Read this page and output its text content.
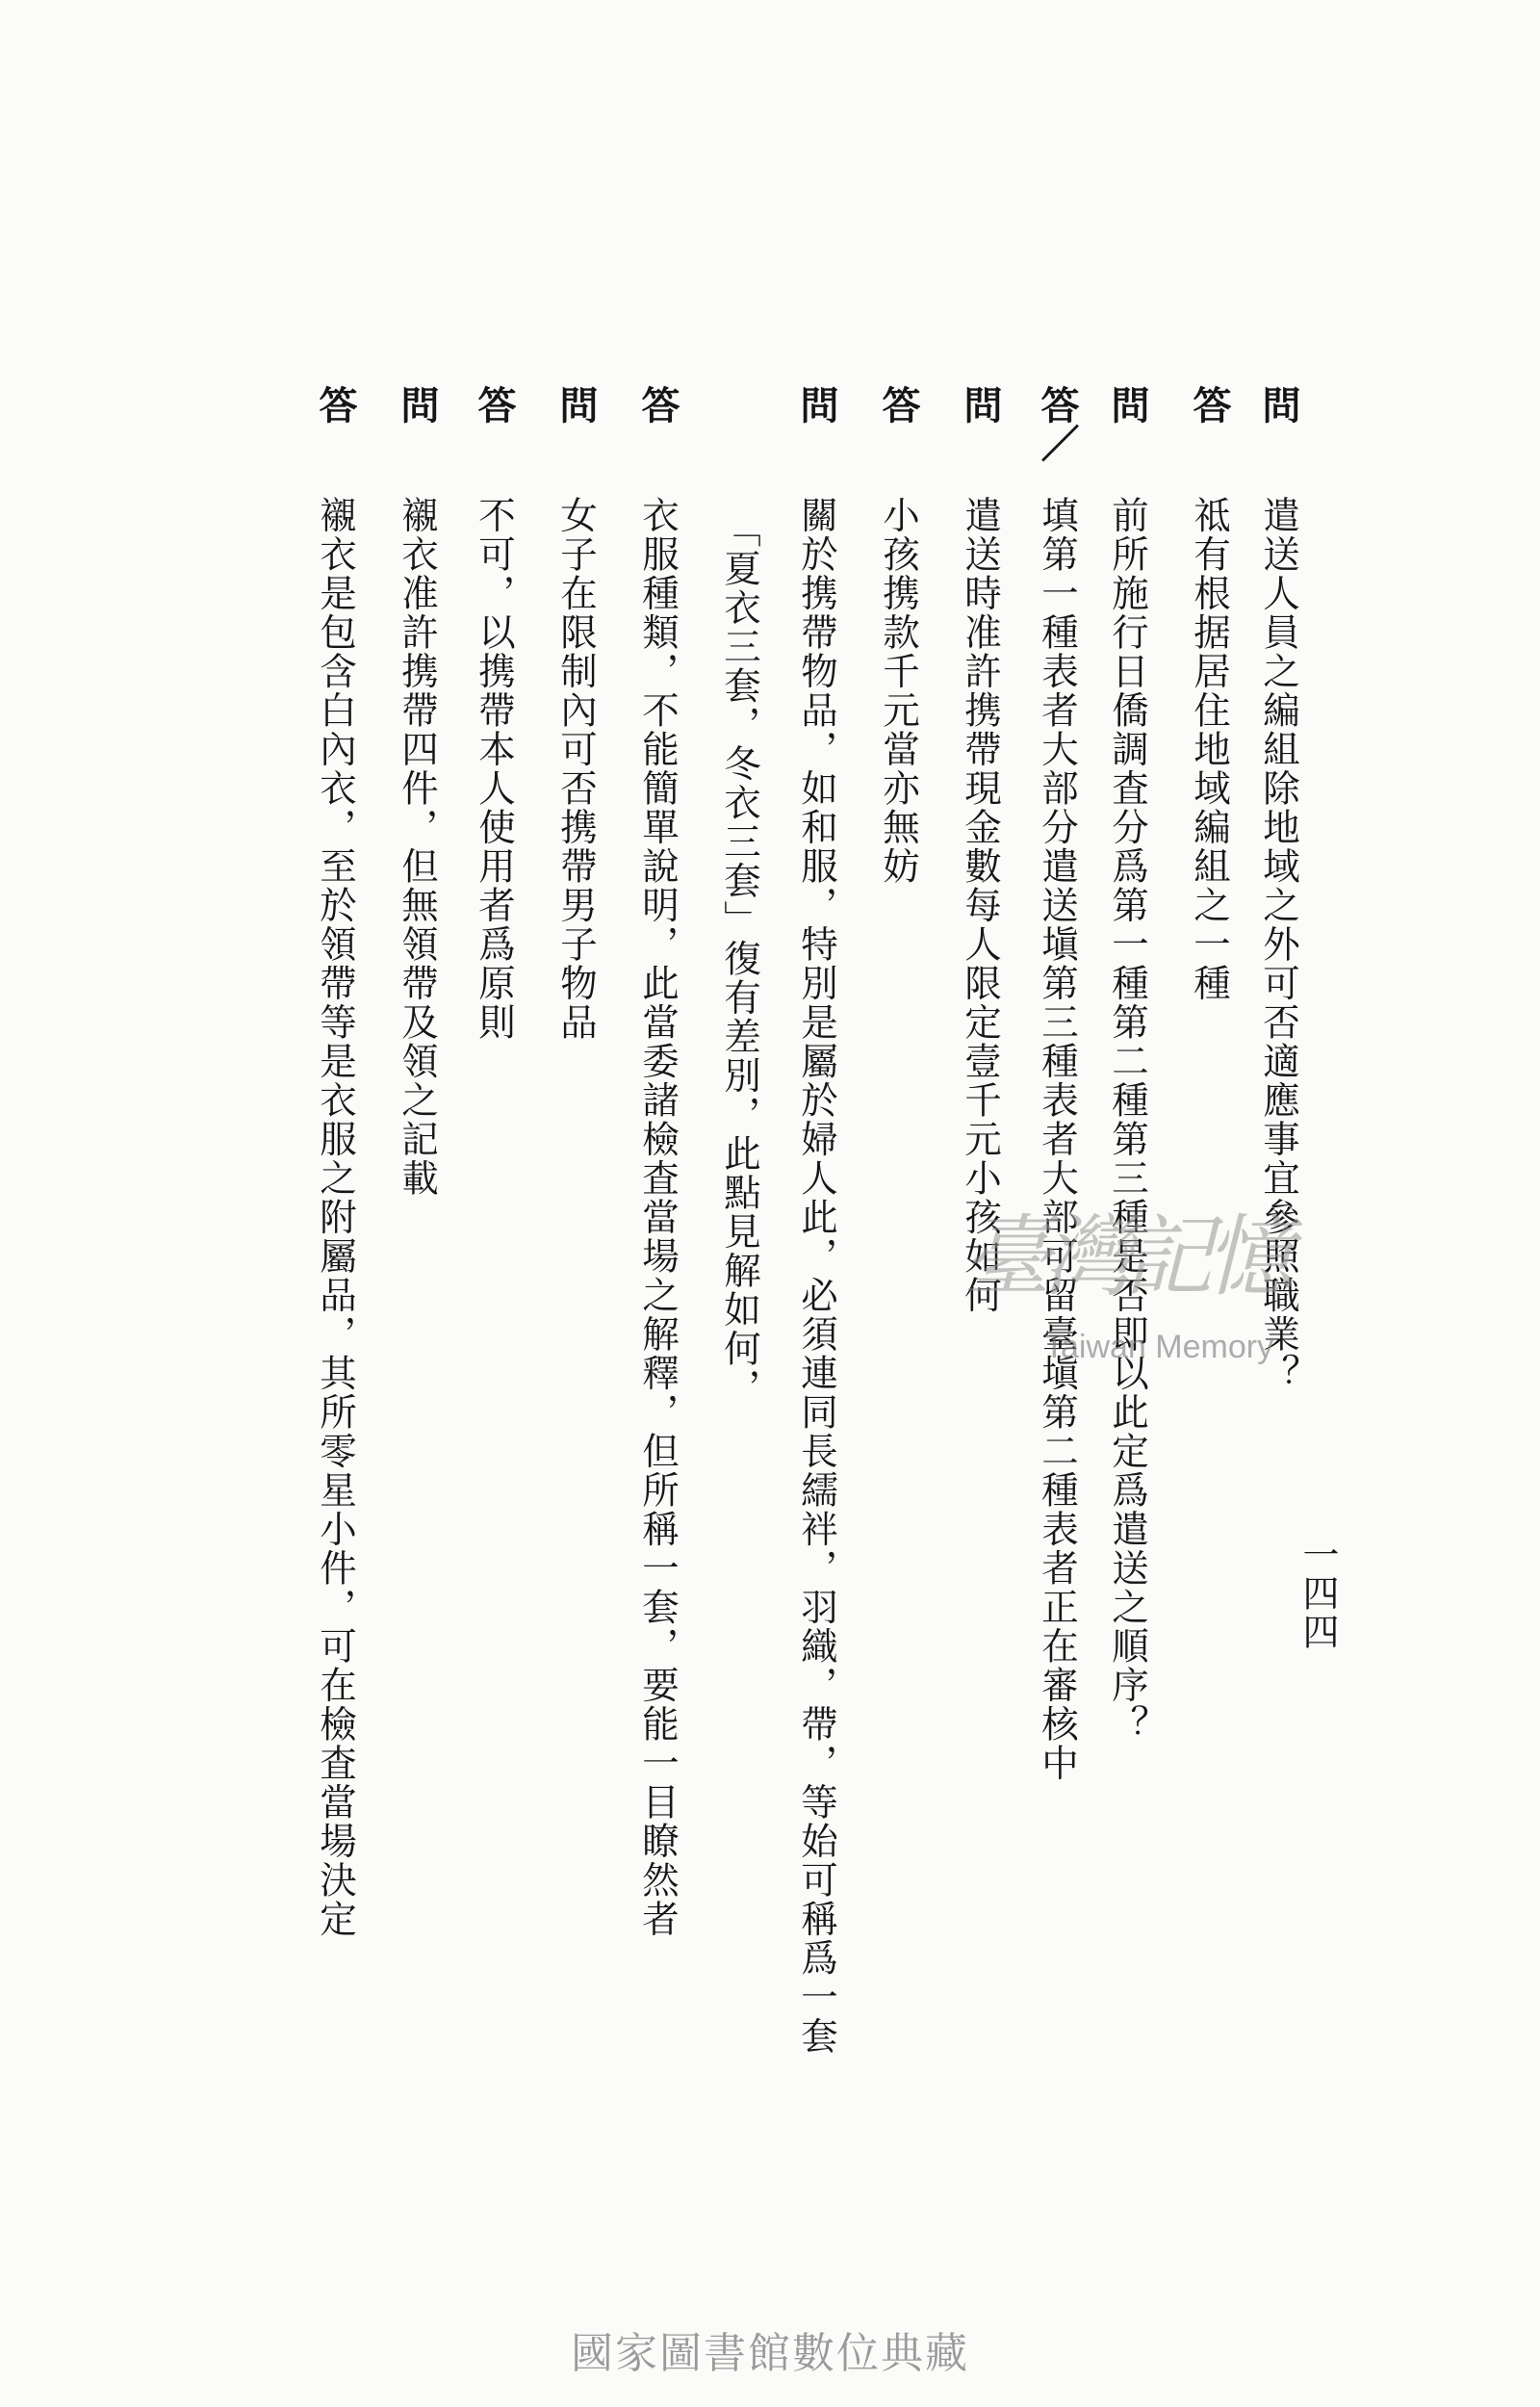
一四四
問
遣送人員之編組除地域之外可否適應事宜參照職業？
答
祗有根据居住地域編組之一種
問
前所施行日僑調査分爲第一種第二種第三種是否即以此定爲遣送之順序？
答／
填第一種表者大部分遣送塡第三種表者大部可留臺塡第二種表者正在審核中
問
遣送時准許携帶現金數每人限定壹千元小孩如何
答
小孩携款千元當亦無妨
問
關於携帶物品，如和服，特別是屬於婦人此，必須連同長繻袢，羽織，帶，等始可稱爲一套
「夏衣三套，冬衣三套」復有差別，此點見解如何，
答
衣服種類，不能簡單說明，此當委諸檢査當場之解釋，但所稱一套，要能一目瞭然者
問
女子在限制內可否携帶男子物品
答
不可，以携帶本人使用者爲原則
問
襯衣准許携帶四件，但無領帶及領之記載
答
襯衣是包含白內衣，至於領帶等是衣服之附屬品，其所零星小件，可在檢査當場決定	臺灣記憶
Taiwan Memory
國家圖書館數位典藏
